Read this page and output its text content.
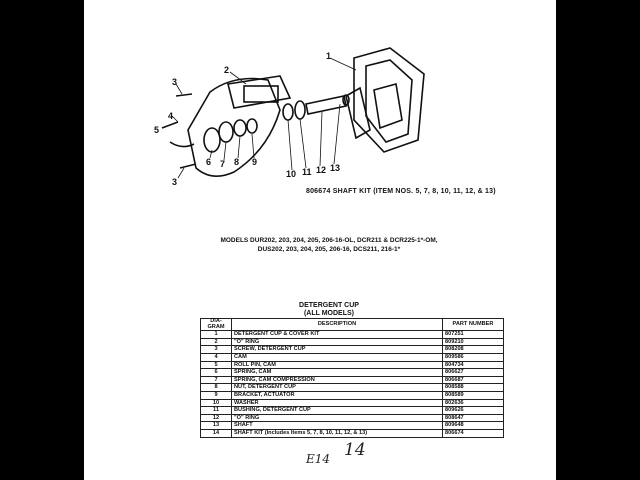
1
2
3
4
5
6 7 8 9
10 11 12 13
3
806674 SHAFT KIT (ITEM NOS. 5, 7, 8, 10, 11, 12, & 13)
MODELS DUR202, 203, 204, 205, 206-16-OL, DCR211 & DCR225-1*-OM,
DUS202, 203, 204, 205, 206-16, DCS211, 216-1*
DETERGENT CUP
(ALL MODELS)
DIA-
GRAM	DESCRIPTION	PART NUMBER
1	DETERGENT CUP & COVER KIT	807251
2	"O" RING	809210
3	SCREW, DETERGENT CUP	808208
4	CAM	809586
5	ROLL PIN, CAM	804734
6	SPRING, CAM	806627
7	SPRING, CAM COMPRESSION	806687
8	NUT, DETERGENT CUP	808588
9	BRACKET, ACTUATOR	808589
10	WASHER	802636
11	BUSHING, DETERGENT CUP	809626
12	"O" RING	808647
13	SHAFT	809648
14	SHAFT KIT (Includes Items 5, 7, 8, 10, 11, 12, & 13)	806674
E14 14
